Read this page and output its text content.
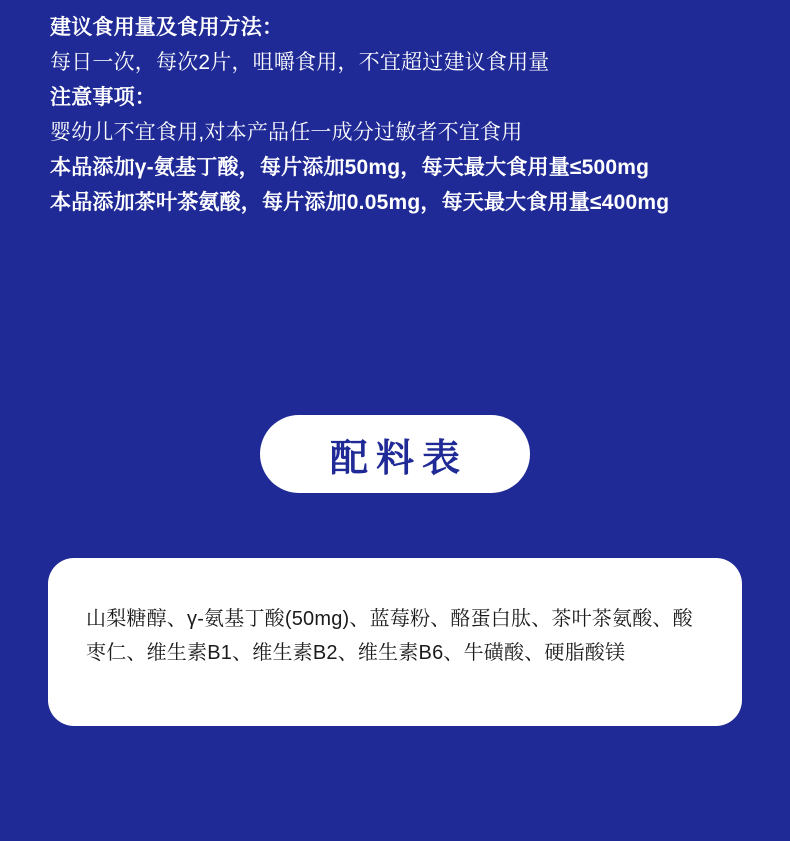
建议食用量及食用方法：
每日一次，每次2片，咀嚼食用，不宜超过建议食用量
注意事项：
婴幼儿不宜食用,对本产品任一成分过敏者不宜食用
本品添加γ-氨基丁酸，每片添加50mg，每天最大食用量≤500mg
本品添加茶叶茶氨酸，每片添加0.05mg，每天最大食用量≤400mg
配料表
山梨糖醇、γ-氨基丁酸(50mg)、蓝莓粉、酪蛋白肽、茶叶茶氨酸、酸枣仁、维生素B1、维生素B2、维生素B6、牛磺酸、硬脂酸镁
